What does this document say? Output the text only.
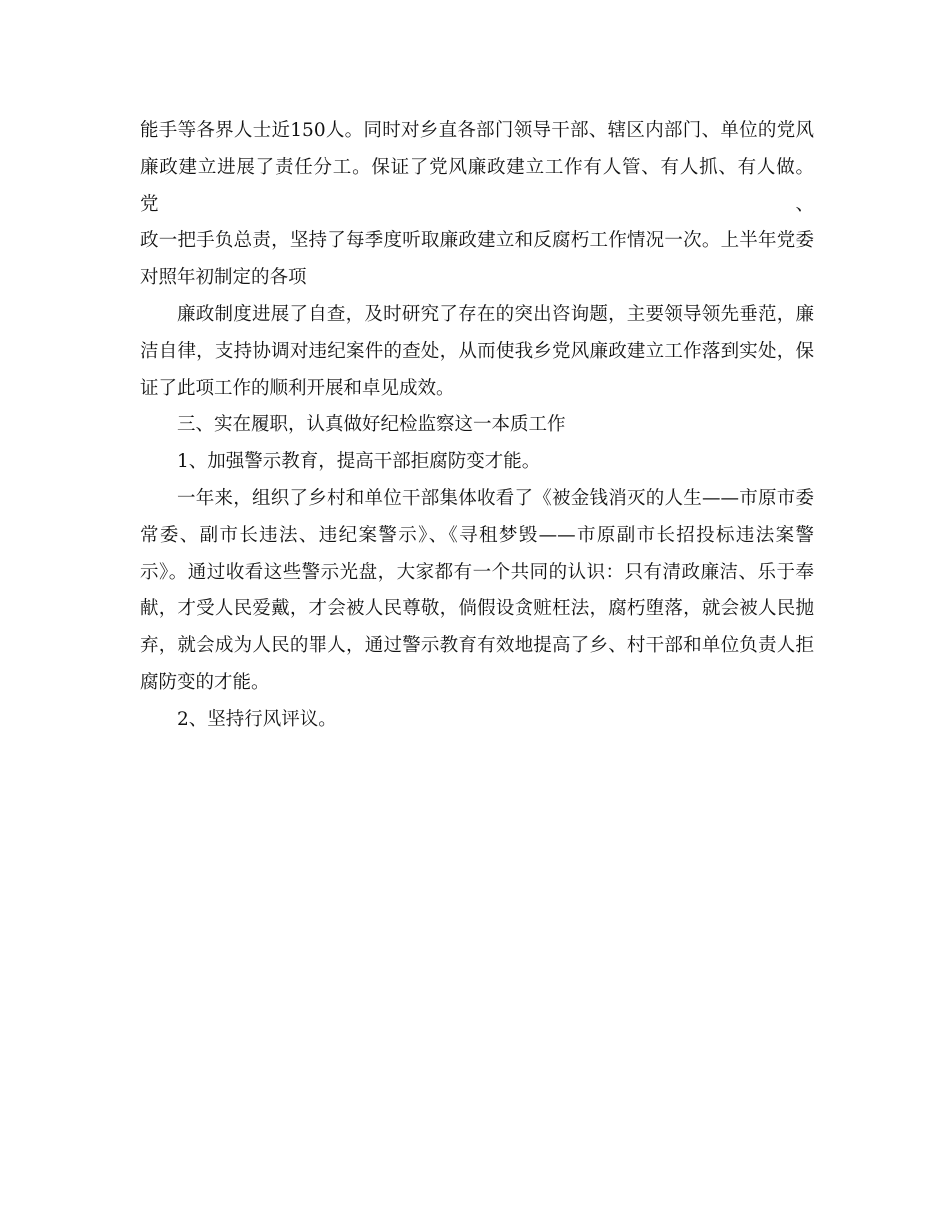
能手等各界人士近150人。同时对乡直各部门领导干部、辖区内部门、单位的党风
廉政建立进展了责任分工。保证了党风廉政建立工作有人管、有人抓、有人做。党、
政一把手负总责，坚持了每季度听取廉政建立和反腐朽工作情况一次。上半年党委
对照年初制定的各项
廉政制度进展了自查，及时研究了存在的突出咨询题，主要领导领先垂范，廉
洁自律，支持协调对违纪案件的查处，从而使我乡党风廉政建立工作落到实处，保
证了此项工作的顺利开展和卓见成效。
三、实在履职，认真做好纪检监察这一本质工作
1、加强警示教育，提高干部拒腐防变才能。
一年来，组织了乡村和单位干部集体收看了《被金钱消灭的人生——市原市委
常委、副市长违法、违纪案警示》、《寻租梦毁——市原副市长招投标违法案警
示》。通过收看这些警示光盘，大家都有一个共同的认识：只有清政廉洁、乐于奉
献，才受人民爱戴，才会被人民尊敬，倘假设贪赃枉法，腐朽堕落，就会被人民抛
弃，就会成为人民的罪人，通过警示教育有效地提高了乡、村干部和单位负责人拒
腐防变的才能。
2、坚持行风评议。
